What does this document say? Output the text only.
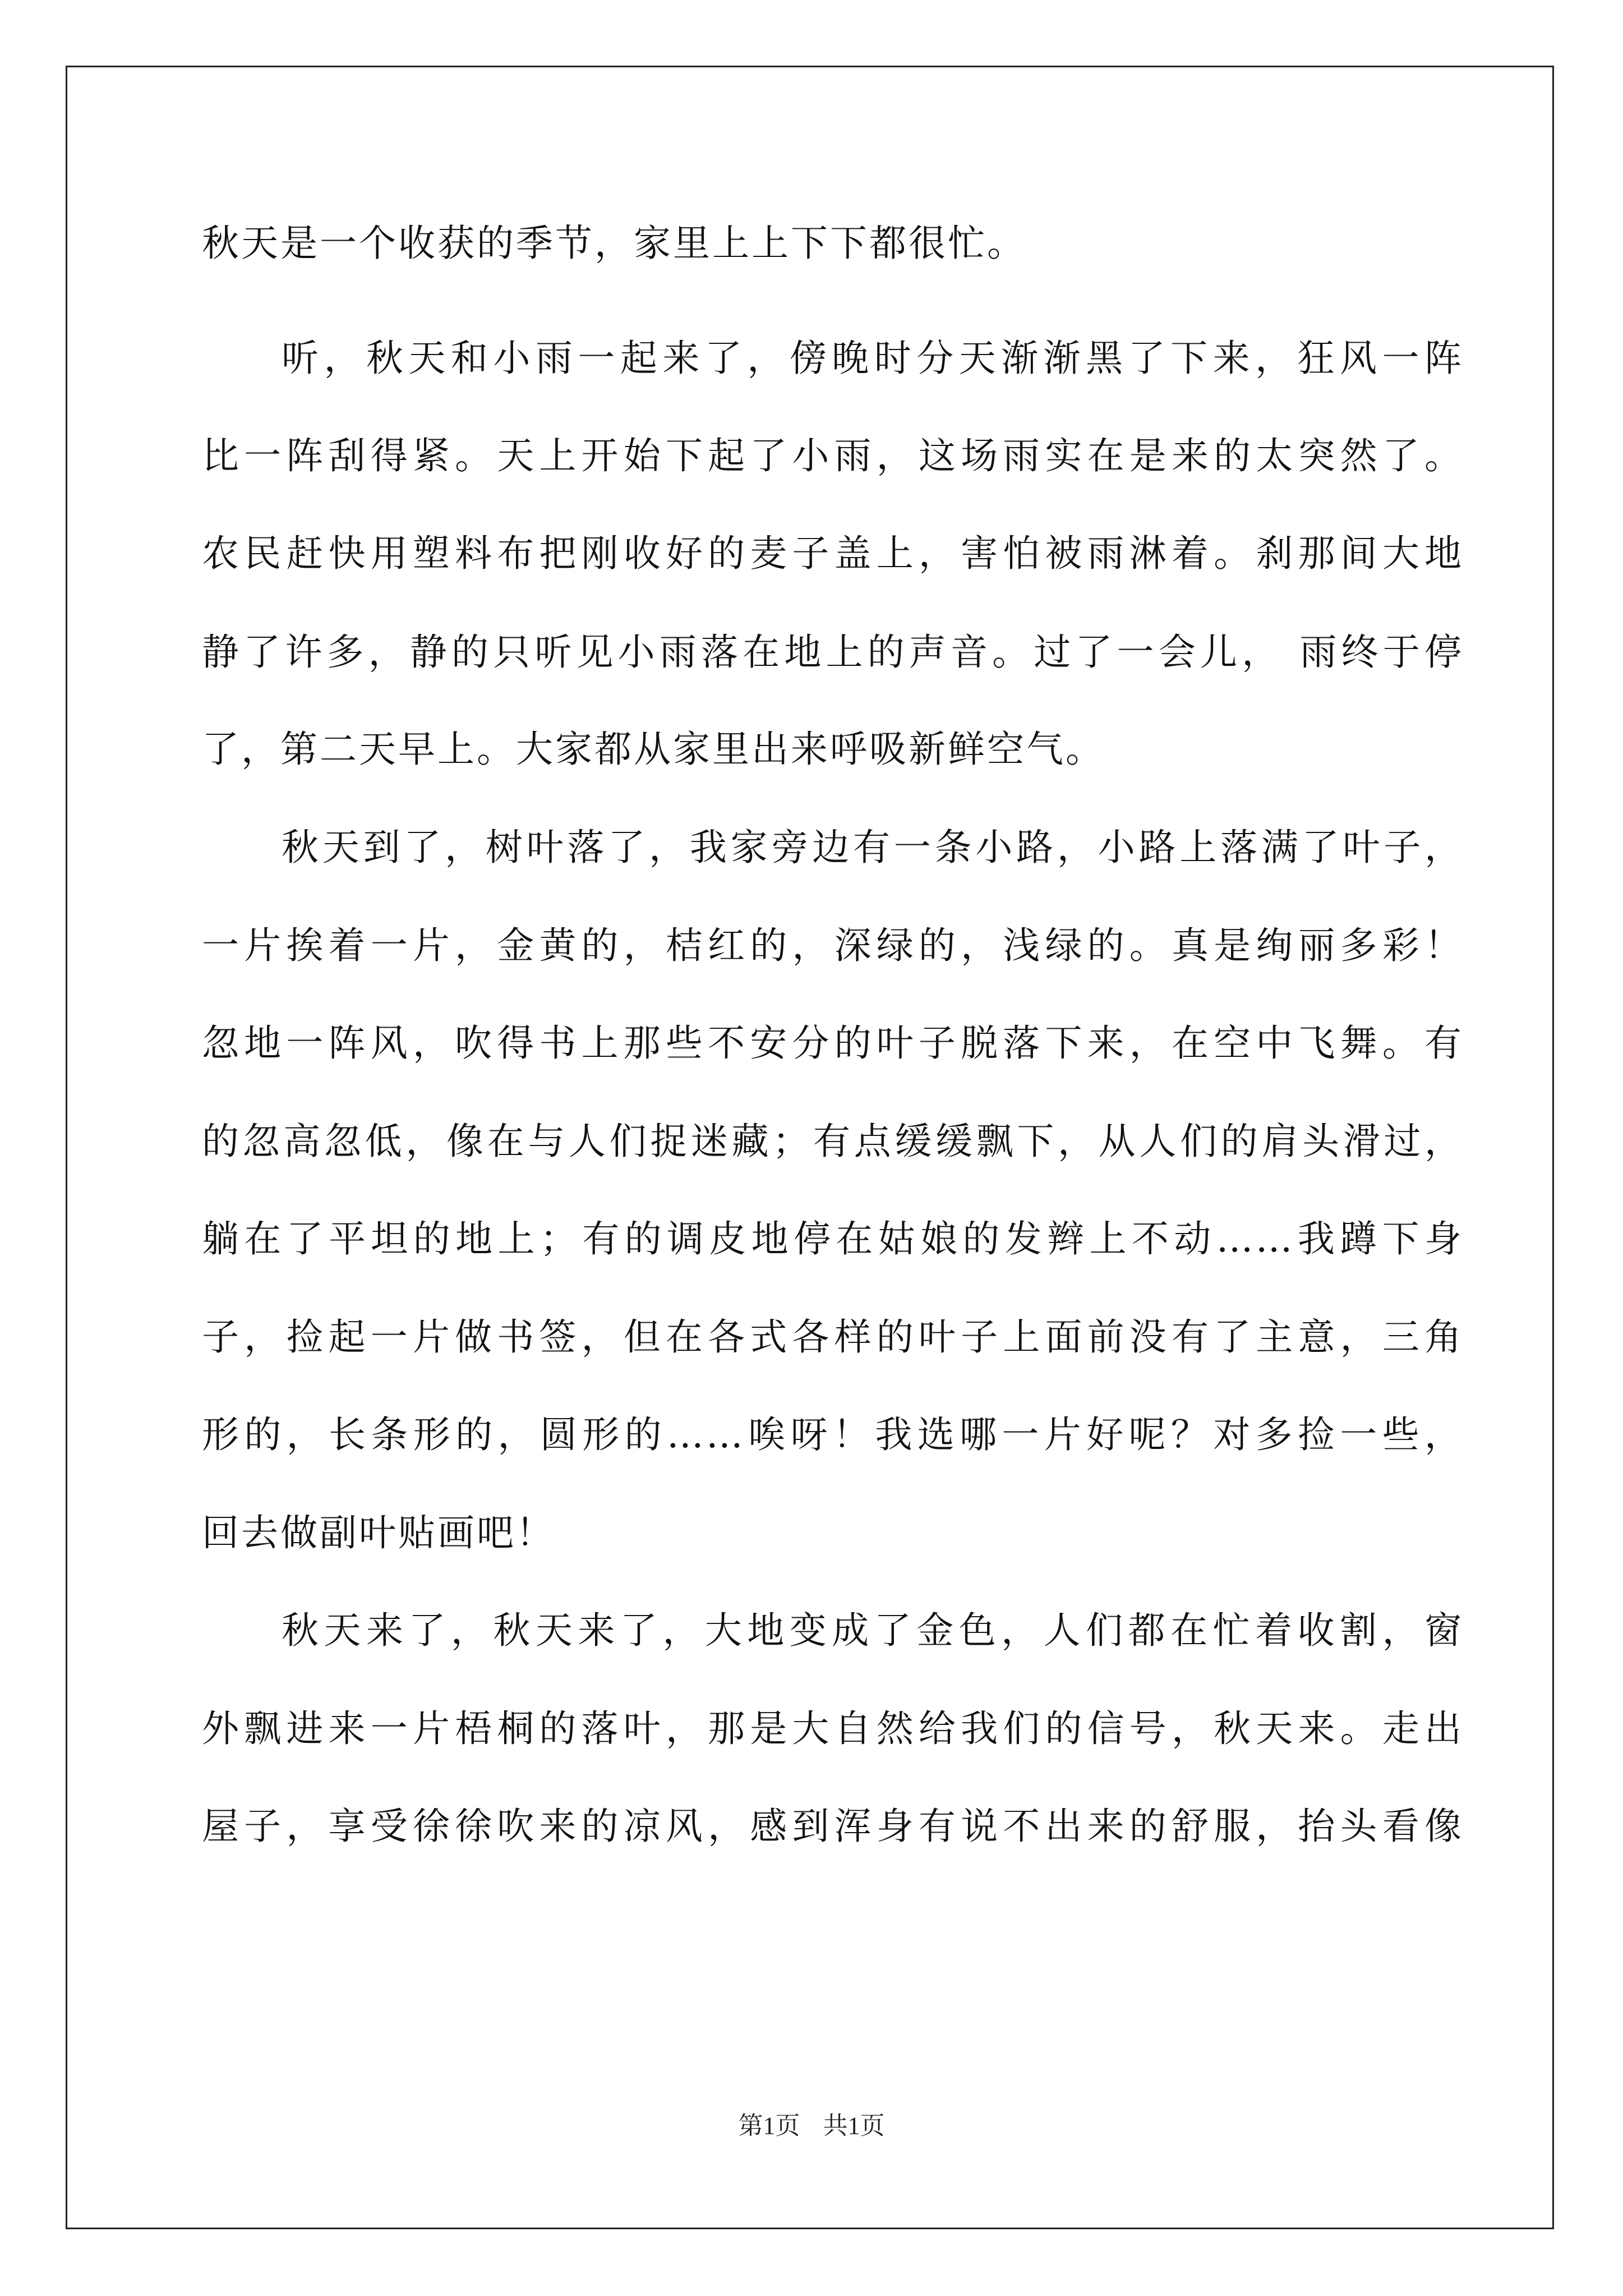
秋天是一个收获的季节，家里上上下下都很忙。
听，秋天和小雨一起来了，傍晚时分天渐渐黑了下来，狂风一阵
比一阵刮得紧。天上开始下起了小雨，这场雨实在是来的太突然了。
农民赶快用塑料布把刚收好的麦子盖上，害怕被雨淋着。刹那间大地
静了许多，静的只听见小雨落在地上的声音。过了一会儿， 雨终于停
了，第二天早上。大家都从家里出来呼吸新鲜空气。
秋天到了，树叶落了，我家旁边有一条小路，小路上落满了叶子，
一片挨着一片，金黄的，桔红的，深绿的，浅绿的。真是绚丽多彩！
忽地一阵风，吹得书上那些不安分的叶子脱落下来，在空中飞舞。有
的忽高忽低，像在与人们捉迷藏；有点缓缓飘下，从人们的肩头滑过，
躺在了平坦的地上；有的调皮地停在姑娘的发辫上不动……我蹲下身
子，捡起一片做书签，但在各式各样的叶子上面前没有了主意，三角
形的，长条形的，圆形的……唉呀！我选哪一片好呢？对多捡一些，
回去做副叶贴画吧！
秋天来了，秋天来了，大地变成了金色，人们都在忙着收割，窗
外飘进来一片梧桐的落叶，那是大自然给我们的信号，秋天来。走出
屋子，享受徐徐吹来的凉风，感到浑身有说不出来的舒服，抬头看像
第1页 共1页
